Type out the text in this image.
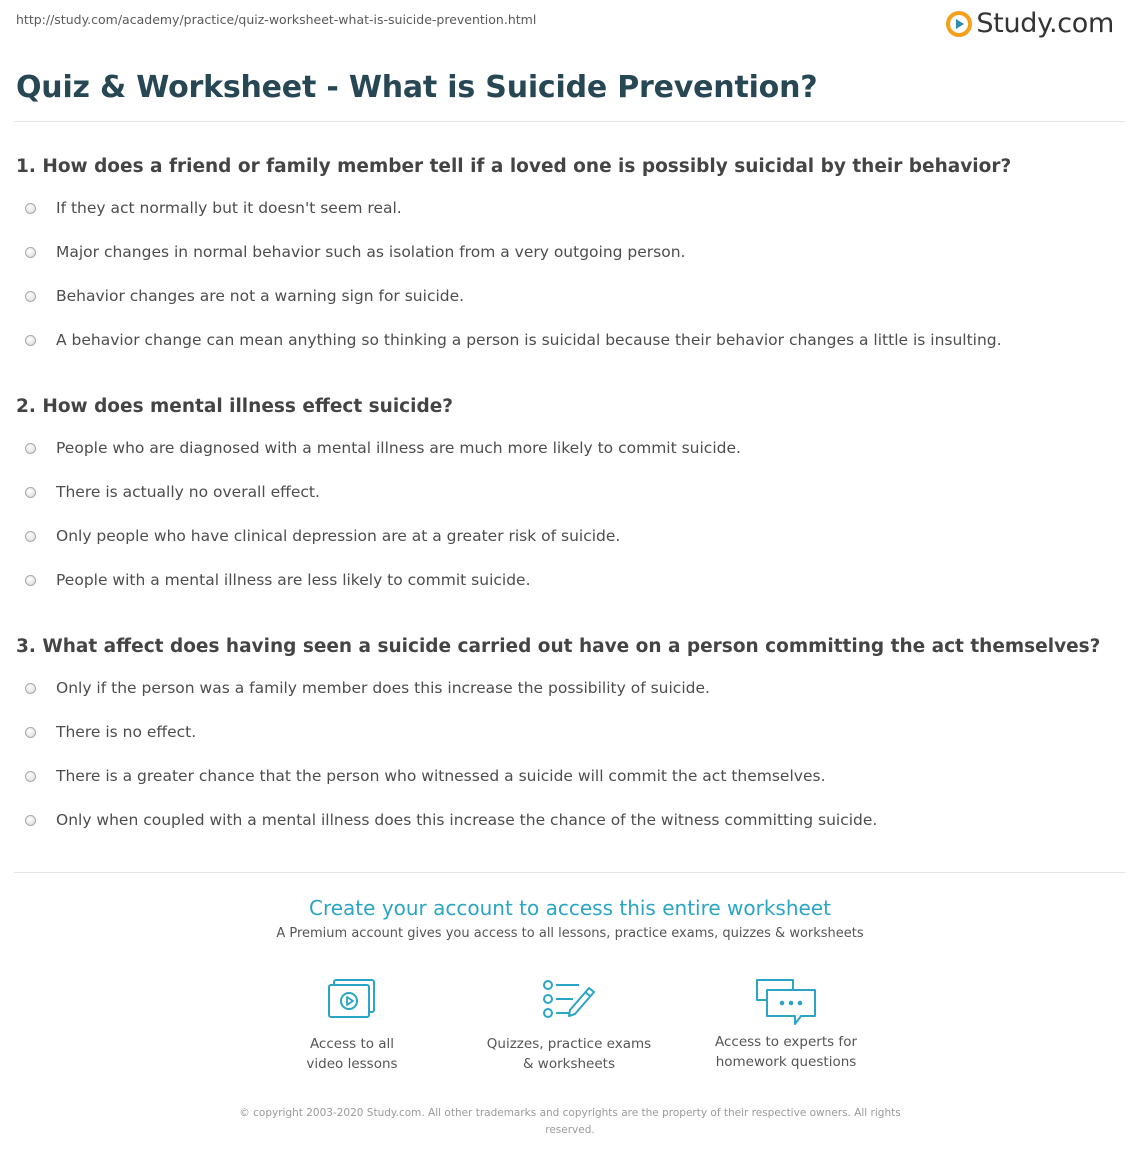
http://study.com/academy/practice/quiz-worksheet-what-is-suicide-prevention.html	Study.com
Quiz & Worksheet - What is Suicide Prevention?
1. How does a friend or family member tell if a loved one is possibly suicidal by their behavior?
If they act normally but it doesn't seem real.
Major changes in normal behavior such as isolation from a very outgoing person.
Behavior changes are not a warning sign for suicide.
A behavior change can mean anything so thinking a person is suicidal because their behavior changes a little is insulting.
2. How does mental illness effect suicide?
People who are diagnosed with a mental illness are much more likely to commit suicide.
There is actually no overall effect.
Only people who have clinical depression are at a greater risk of suicide.
People with a mental illness are less likely to commit suicide.
3. What affect does having seen a suicide carried out have on a person committing the act themselves?
Only if the person was a family member does this increase the possibility of suicide.
There is no effect.
There is a greater chance that the person who witnessed a suicide will commit the act themselves.
Only when coupled with a mental illness does this increase the chance of the witness committing suicide.
Create your account to access this entire worksheet
A Premium account gives you access to all lessons, practice exams, quizzes & worksheets
Access to all
video lessons
Quizzes, practice exams
& worksheets
Access to experts for
homework questions
© copyright 2003-2020 Study.com. All other trademarks and copyrights are the property of their respective owners. All rights
reserved.
